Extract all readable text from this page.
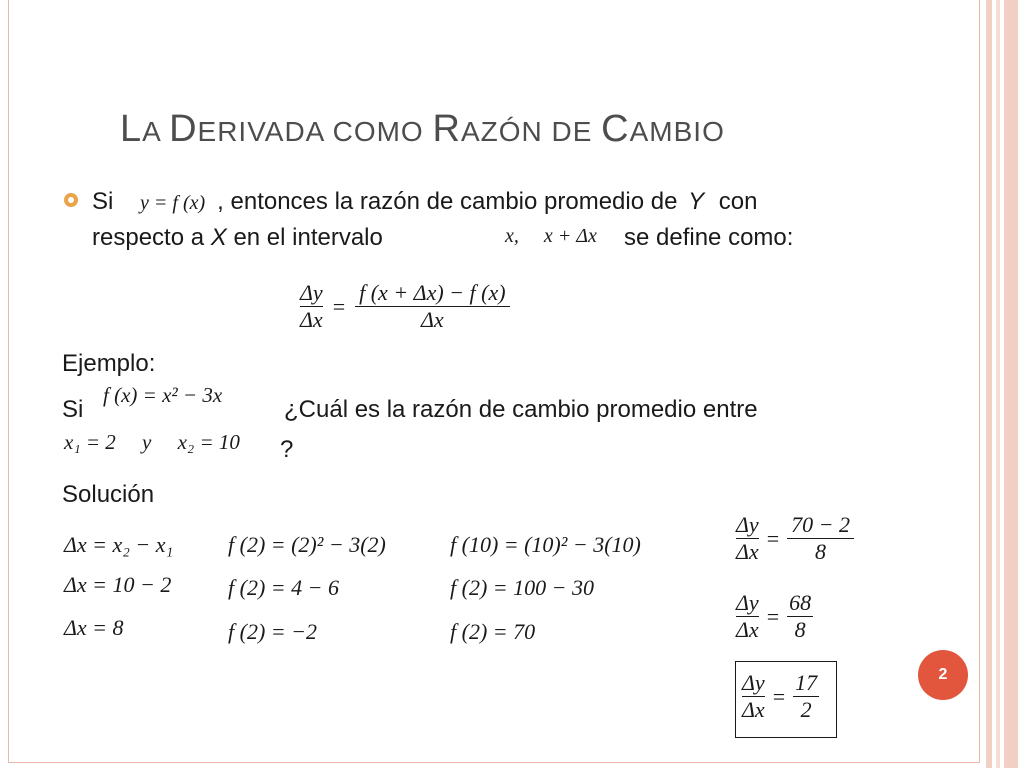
LA DERIVADA COMO RAZÓN DE CAMBIO
Si y = f (x) , entonces la razón de cambio promedio de Y con
respecto a X en el intervalo	x,     x + Δx se define como:
$\frac{\Delta y}{\Delta x} = \frac{f (x + \Delta x) - f (x)}{\Delta x}$
Ejemplo:
Si
f (x) = x² − 3x
¿Cuál es la razón de cambio promedio entre
x₁ = 2     y     x₂ = 10 ?
Solución
Δx = x₂ − x₁
Δx = 10 − 2
Δx = 8
f (2) = (2)² − 3(2)
f (2) = 4 − 6
f (2) = −2
f (10) = (10)² − 3(10)
f (2) = 100 − 30
f (2) = 70
$\frac{\Delta y}{\Delta x} = \frac{70 - 2}{8}$
$\frac{\Delta y}{\Delta x} = \frac{68}{8}$
$\frac{\Delta y}{\Delta x} = \frac{17}{2}$	2
